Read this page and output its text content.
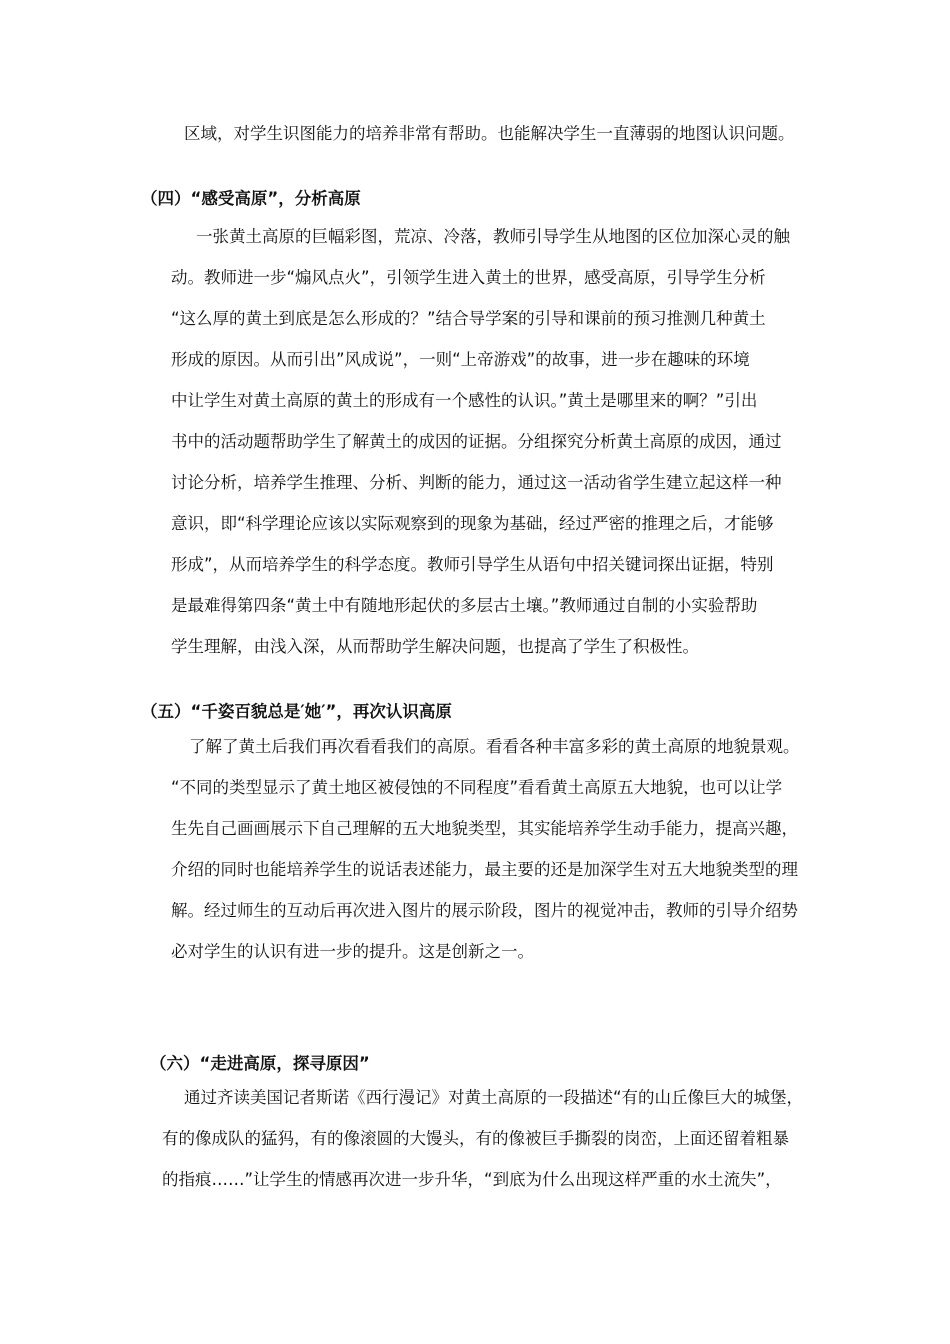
区域，对学生识图能力的培养非常有帮助。也能解决学生一直薄弱的地图认识问题。
（四）“感受高原”，分析高原
一张黄土高原的巨幅彩图，荒凉、冷落，教师引导学生从地图的区位加深心灵的触
动。教师进一步“煽风点火”，引领学生进入黄土的世界，感受高原，引导学生分析
“这么厚的黄土到底是怎么形成的？”结合导学案的引导和课前的预习推测几种黄土
形成的原因。从而引出”风成说”，一则“上帝游戏”的故事，进一步在趣味的环境
中让学生对黄土高原的黄土的形成有一个感性的认识。”黄土是哪里来的啊？”引出
书中的活动题帮助学生了解黄土的成因的证据。分组探究分析黄土高原的成因，通过
讨论分析，培养学生推理、分析、判断的能力，通过这一活动省学生建立起这样一种
意识，即“科学理论应该以实际观察到的现象为基础，经过严密的推理之后，才能够
形成”，从而培养学生的科学态度。教师引导学生从语句中招关键词探出证据，特别
是最难得第四条“黄土中有随地形起伏的多层古土壤。”教师通过自制的小实验帮助
学生理解，由浅入深，从而帮助学生解决问题，也提高了学生了积极性。
（五）“千姿百貌总是′她′”，再次认识高原
了解了黄土后我们再次看看我们的高原。看看各种丰富多彩的黄土高原的地貌景观。
“不同的类型显示了黄土地区被侵蚀的不同程度”看看黄土高原五大地貌，也可以让学
生先自己画画展示下自己理解的五大地貌类型，其实能培养学生动手能力，提高兴趣，
介绍的同时也能培养学生的说话表述能力，最主要的还是加深学生对五大地貌类型的理
解。经过师生的互动后再次进入图片的展示阶段，图片的视觉冲击，教师的引导介绍势
必对学生的认识有进一步的提升。这是创新之一。
（六）“走进高原，探寻原因”
通过齐读美国记者斯诺《西行漫记》对黄土高原的一段描述“有的山丘像巨大的城堡，
有的像成队的猛犸，有的像滚圆的大馒头，有的像被巨手撕裂的岗峦，上面还留着粗暴
的指痕……”让学生的情感再次进一步升华，“到底为什么出现这样严重的水土流失”，
